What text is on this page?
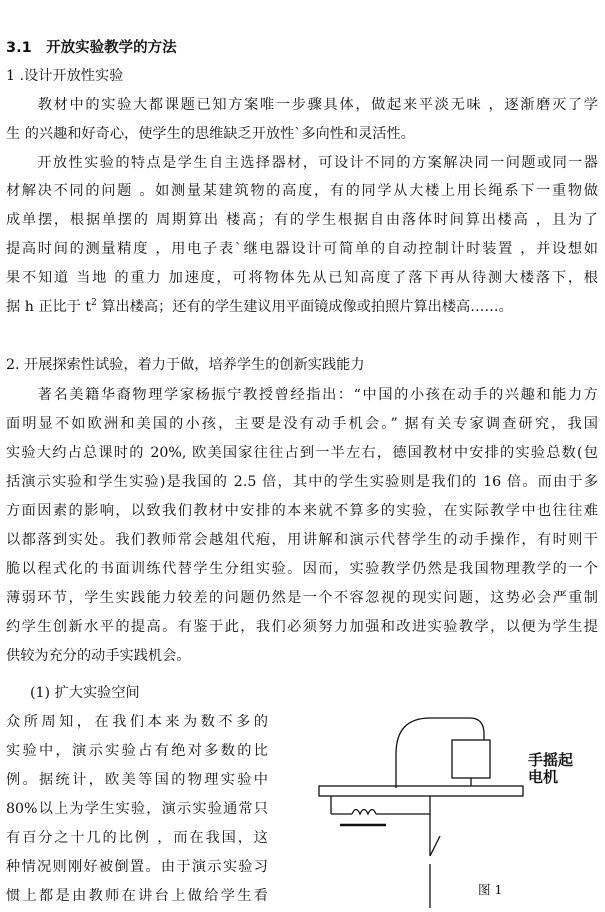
3.1　开放实验教学的方法
1 .设计开放性实验
　　教材中的实验大都课题已知方案唯一步骤具体，做起来平淡无味 ，逐渐磨灭了学
生 的兴趣和好奇心，使学生的思维缺乏开放性`多向性和灵活性。
　　开放性实验的特点是学生自主选择器材，可设计不同的方案解决同一问题或同一器
材解决不同的问题 。如测量某建筑物的高度，有的同学从大楼上用长绳系下一重物做
成单摆，根据单摆的 周期算出 楼高；有的学生根据自由落体时间算出楼高 ，且为了
提高时间的测量精度 ，用电子表`继电器设计可简单的自动控制计时装置 ，并设想如
果不知道 当地 的重力 加速度，可将物体先从已知高度了落下再从待测大楼落下，根
据 h 正比于 $t^2$ 算出楼高；还有的学生建议用平面镜成像或拍照片算出楼高……。
2. 开展探索性试验，着力于做，培养学生的创新实践能力
　　著名美籍华裔物理学家杨振宁教授曾经指出：“中国的小孩在动手的兴趣和能力方
面明显不如欧洲和美国的小孩，主要是没有动手机会。” 据有关专家调查研究，我国
实验大约占总课时的 20%, 欧美国家往往占到一半左右，德国教材中安排的实验总数(包
括演示实验和学生实验)是我国的 2.5 倍，其中的学生实验则是我们的 16 倍。而由于多
方面因素的影响，以致我们教材中安排的本来就不算多的实验，在实际教学中也往往难
以都落到实处。我们教师常会越俎代疱，用讲解和演示代替学生的动手操作，有时则干
脆以程式化的书面训练代替学生分组实验。因而，实验教学仍然是我国物理教学的一个
薄弱环节，学生实践能力较差的问题仍然是一个不容忽视的现实问题，这势必会严重制
约学生创新水平的提高。有鉴于此，我们必须努力加强和改进实验教学，以便为学生提
供较为充分的动手实践机会。
(1) 扩大实验空间
众所周知，在我们本来为数不多的
实验中，演示实验占有绝对多数的比
例。据统计，欧美等国的物理实验中
80%以上为学生实验，演示实验通常只
有百分之十几的比例 ，而在我国，这
种情况则刚好被倒置。由于演示实验习
惯上都是由教师在讲台上做给学生看
手摇起
电机
图 1
